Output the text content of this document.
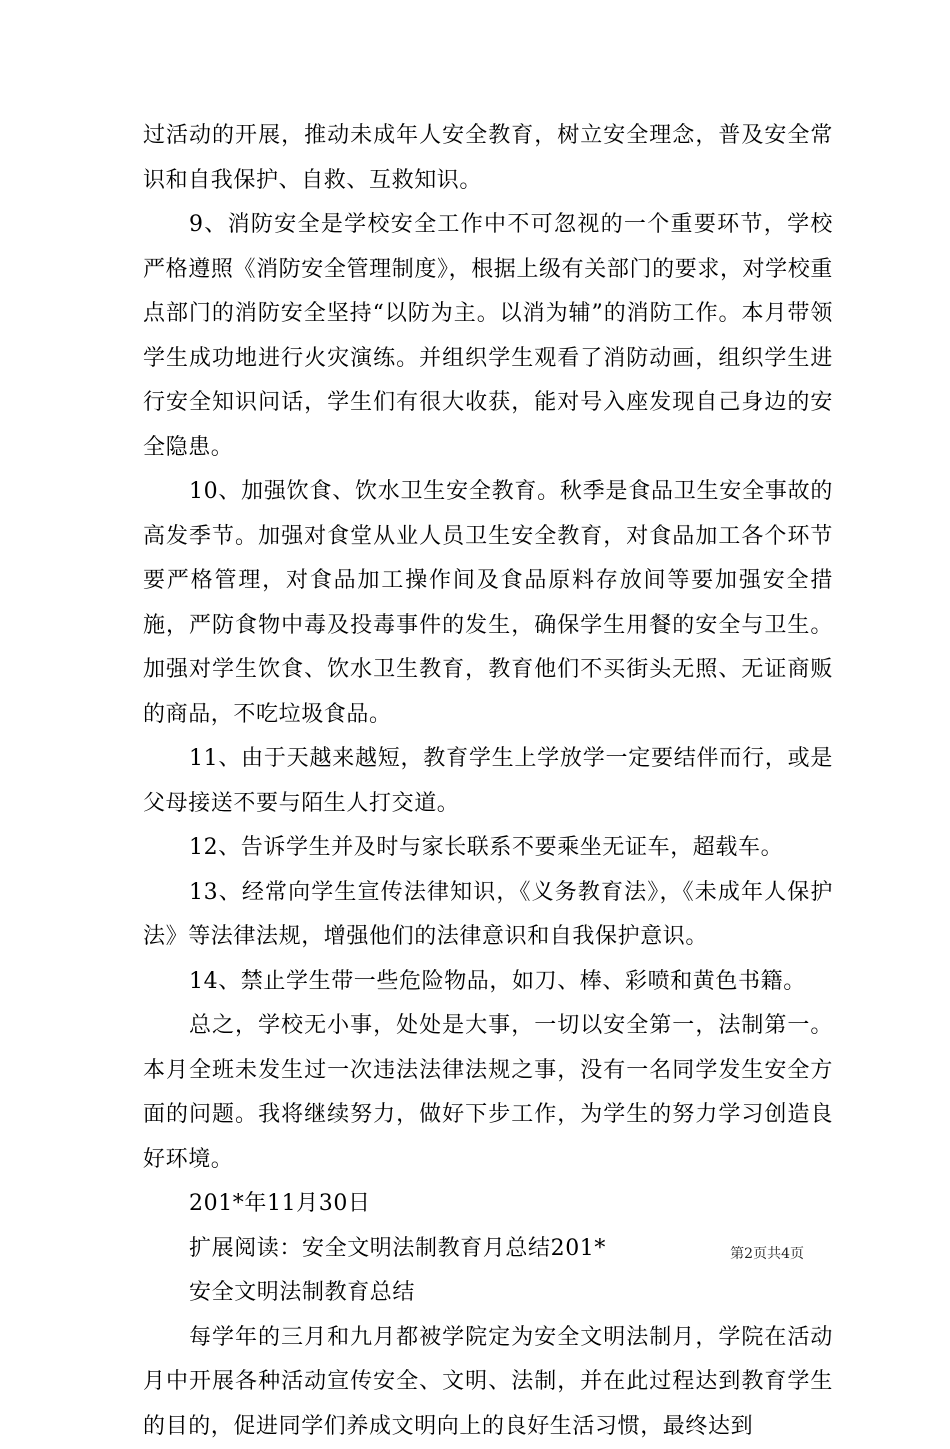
过活动的开展，推动未成年人安全教育，树立安全理念，普及安全常识和自我保护、自救、互救知识。

9、消防安全是学校安全工作中不可忽视的一个重要环节，学校严格遵照《消防安全管理制度》，根据上级有关部门的要求，对学校重点部门的消防安全坚持“以防为主。以消为辅”的消防工作。本月带领学生成功地进行火灾演练。并组织学生观看了消防动画，组织学生进行安全知识问话，学生们有很大收获，能对号入座发现自己身边的安全隐患。

10、加强饮食、饮水卫生安全教育。秋季是食品卫生安全事故的高发季节。加强对食堂从业人员卫生安全教育，对食品加工各个环节要严格管理，对食品加工操作间及食品原料存放间等要加强安全措施，严防食物中毒及投毒事件的发生，确保学生用餐的安全与卫生。加强对学生饮食、饮水卫生教育，教育他们不买街头无照、无证商贩的商品，不吃垃圾食品。

11、由于天越来越短，教育学生上学放学一定要结伴而行，或是父母接送不要与陌生人打交道。

12、告诉学生并及时与家长联系不要乘坐无证车，超载车。

13、经常向学生宣传法律知识，《义务教育法》，《未成年人保护法》等法律法规，增强他们的法律意识和自我保护意识。

14、禁止学生带一些危险物品，如刀、棒、彩喷和黄色书籍。

总之，学校无小事，处处是大事，一切以安全第一，法制第一。本月全班未发生过一次违法法律法规之事，没有一名同学发生安全方面的问题。我将继续努力，做好下步工作，为学生的努力学习创造良好环境。

201*年11月30日

扩展阅读：安全文明法制教育月总结201*

安全文明法制教育总结

每学年的三月和九月都被学院定为安全文明法制月，学院在活动月中开展各种活动宣传安全、文明、法制，并在此过程达到教育学生的目的，促进同学们养成文明向上的良好生活习惯，最终达到

第2页共4页
